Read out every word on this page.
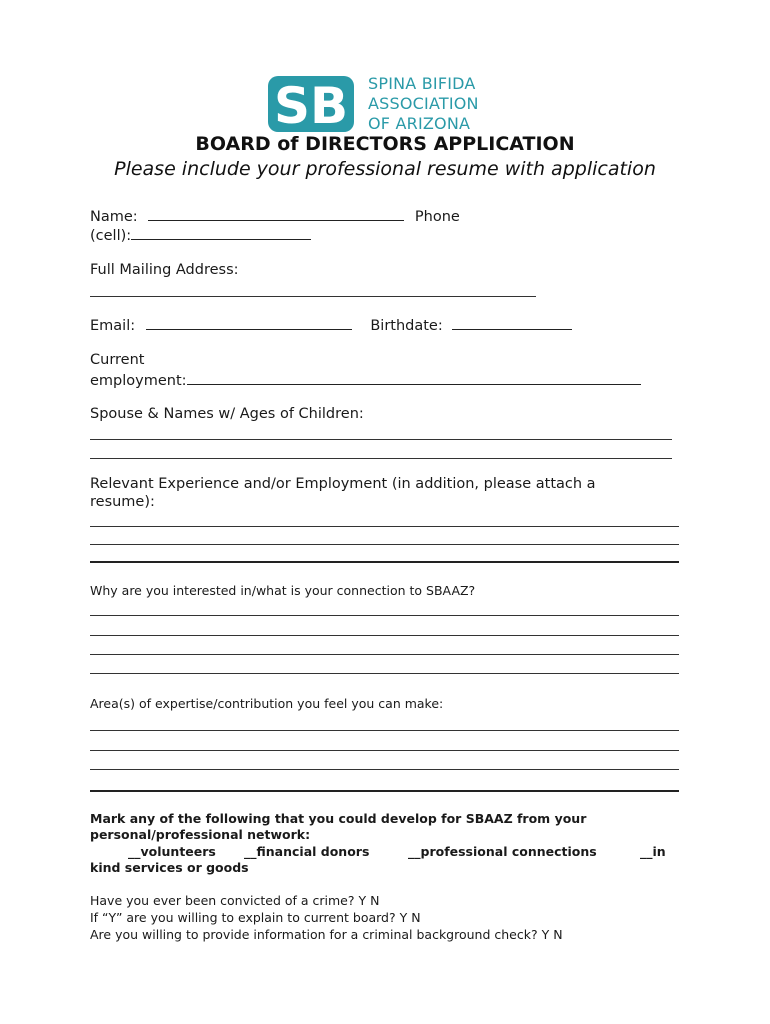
SB SPINA BIFIDA
ASSOCIATION
OF ARIZONA
BOARD of DIRECTORS APPLICATION
Please include your professional resume with application
Name:	Phone
(cell):
Full Mailing Address:
Email:	Birthdate:
Current
employment:
Spouse & Names w/ Ages of Children:
Relevant Experience and/or Employment (in addition, please attach a
resume):
Why are you interested in/what is your connection to SBAAZ?
Area(s) of expertise/contribution you feel you can make:
Mark any of the following that you could develop for SBAAZ from your
personal/professional network:
__volunteers __financial donors	__professional connections	__in
kind services or goods
Have you ever been convicted of a crime? Y N
If “Y” are you willing to explain to current board? Y N
Are you willing to provide information for a criminal background check? Y N
